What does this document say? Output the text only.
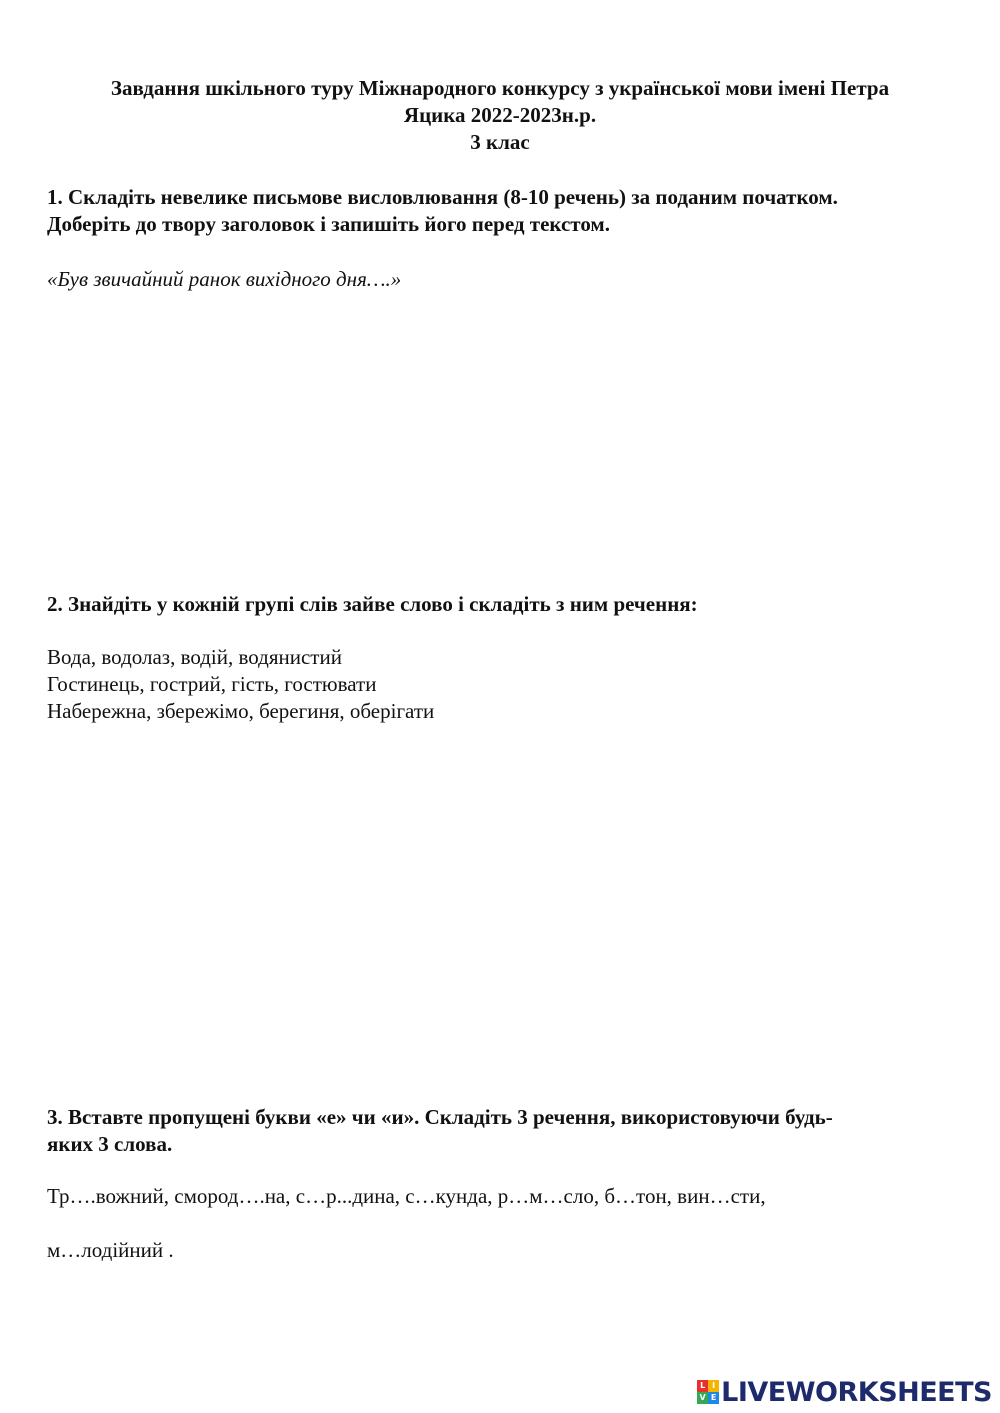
Завдання шкільного туру Міжнародного конкурсу з української мови імені Петра
Яцика 2022-2023н.р.
3 клас
1. Складіть невелике письмове висловлювання (8-10 речень) за поданим початком.
Доберіть до твору заголовок і запишіть його перед текстом.
«Був звичайний ранок вихідного дня….»
2. Знайдіть у кожній групі слів зайве слово і складіть з ним речення:
Вода, водолаз, водій, водянистий
Гостинець, гострий, гість, гостювати
Набережна, збережімо, берегиня, оберігати
3. Вставте пропущені букви «е» чи «и». Складіть 3 речення, використовуючи будь-
яких 3 слова.
Тр….вожний, смород….на, с…р...дина, с…кунда, р…м…сло, б…тон, вин…сти,
м…лодійний .
L I
V E LIVEWORKSHEETS
